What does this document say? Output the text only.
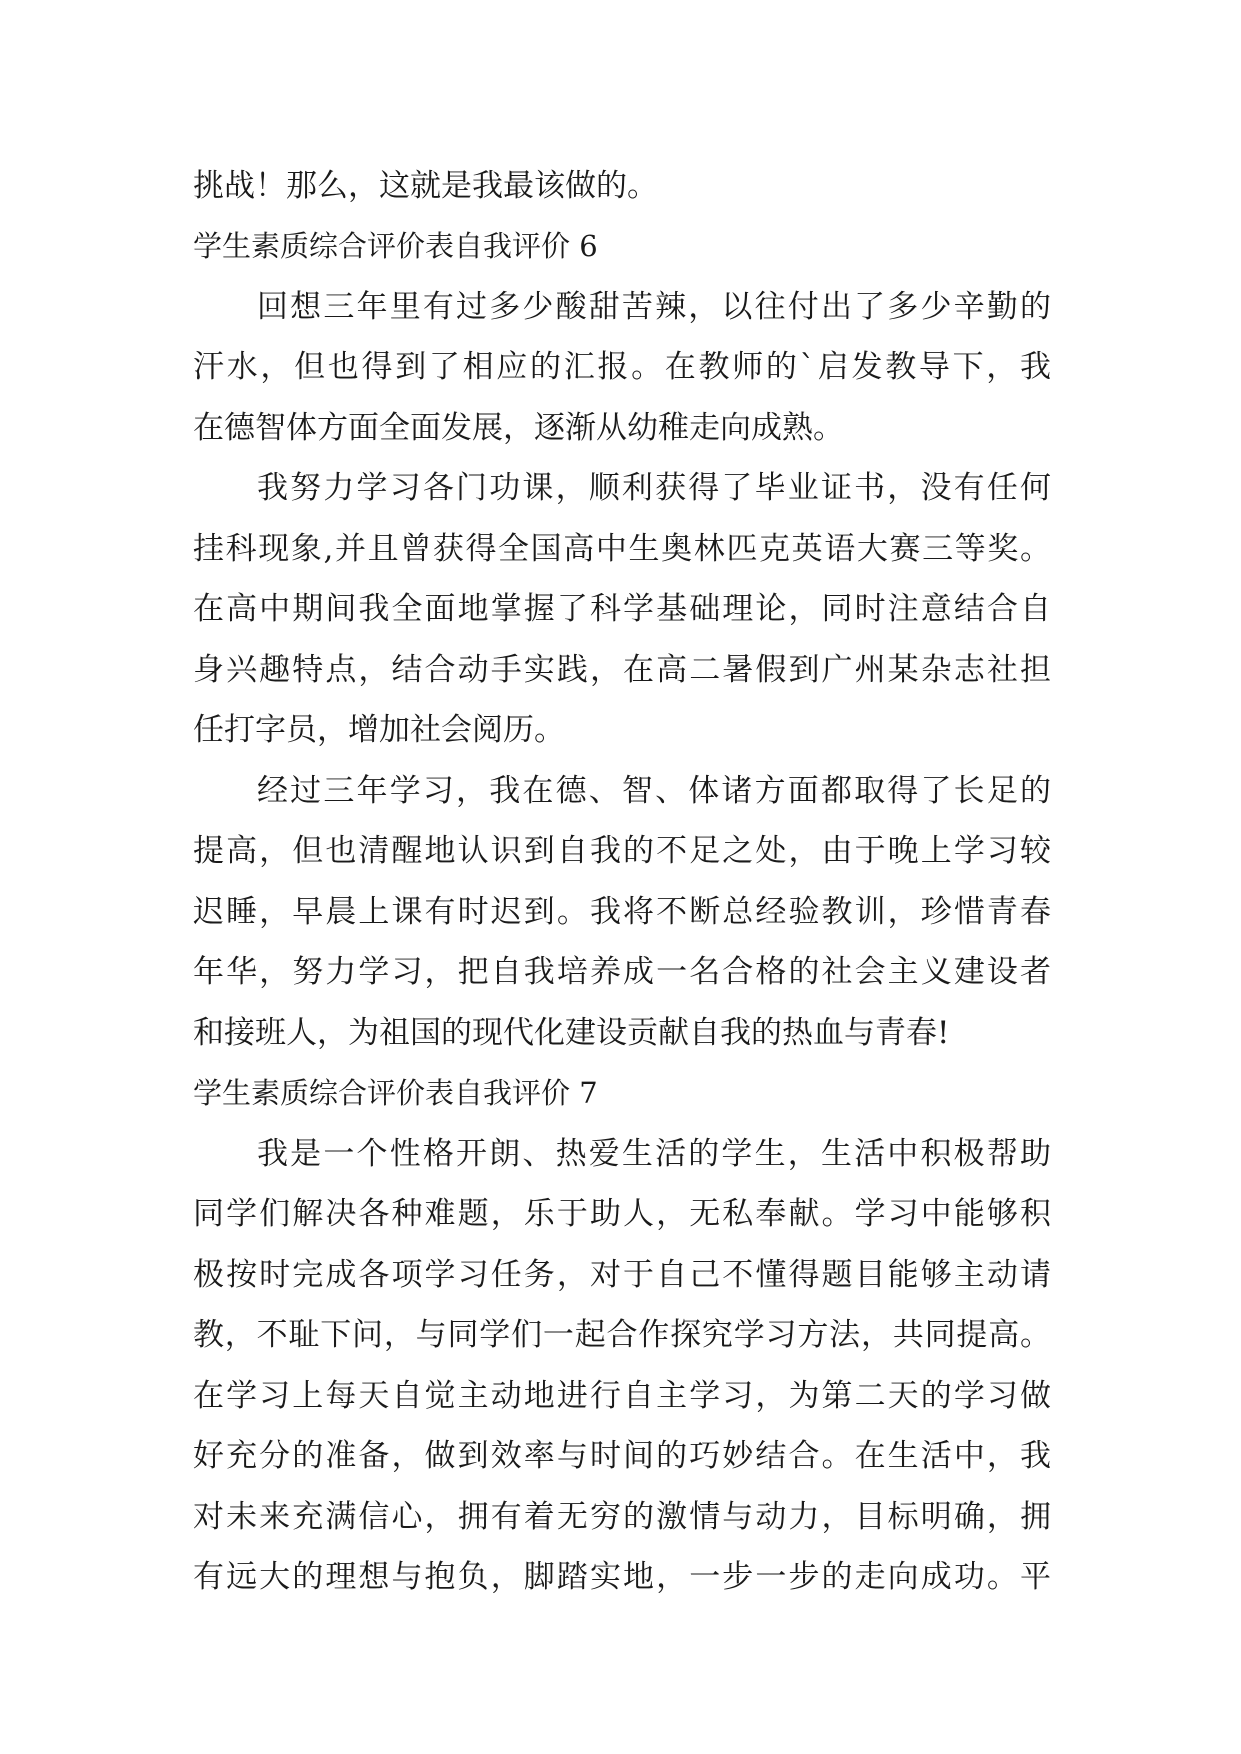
挑战！那么，这就是我最该做的。
学生素质综合评价表自我评价 6
回想三年里有过多少酸甜苦辣，以往付出了多少辛勤的
汗水，但也得到了相应的汇报。在教师的`启发教导下，我
在德智体方面全面发展，逐渐从幼稚走向成熟。
我努力学习各门功课，顺利获得了毕业证书，没有任何
挂科现象,并且曾获得全国高中生奥林匹克英语大赛三等奖。
在高中期间我全面地掌握了科学基础理论，同时注意结合自
身兴趣特点，结合动手实践，在高二暑假到广州某杂志社担
任打字员，增加社会阅历。
经过三年学习，我在德、智、体诸方面都取得了长足的
提高，但也清醒地认识到自我的不足之处，由于晚上学习较
迟睡，早晨上课有时迟到。我将不断总经验教训，珍惜青春
年华，努力学习，把自我培养成一名合格的社会主义建设者
和接班人，为祖国的现代化建设贡献自我的热血与青春!
学生素质综合评价表自我评价 7
我是一个性格开朗、热爱生活的学生，生活中积极帮助
同学们解决各种难题，乐于助人，无私奉献。学习中能够积
极按时完成各项学习任务，对于自己不懂得题目能够主动请
教，不耻下问，与同学们一起合作探究学习方法，共同提高。
在学习上每天自觉主动地进行自主学习，为第二天的学习做
好充分的准备，做到效率与时间的巧妙结合。在生活中，我
对未来充满信心，拥有着无穷的激情与动力，目标明确，拥
有远大的理想与抱负，脚踏实地，一步一步的走向成功。平
